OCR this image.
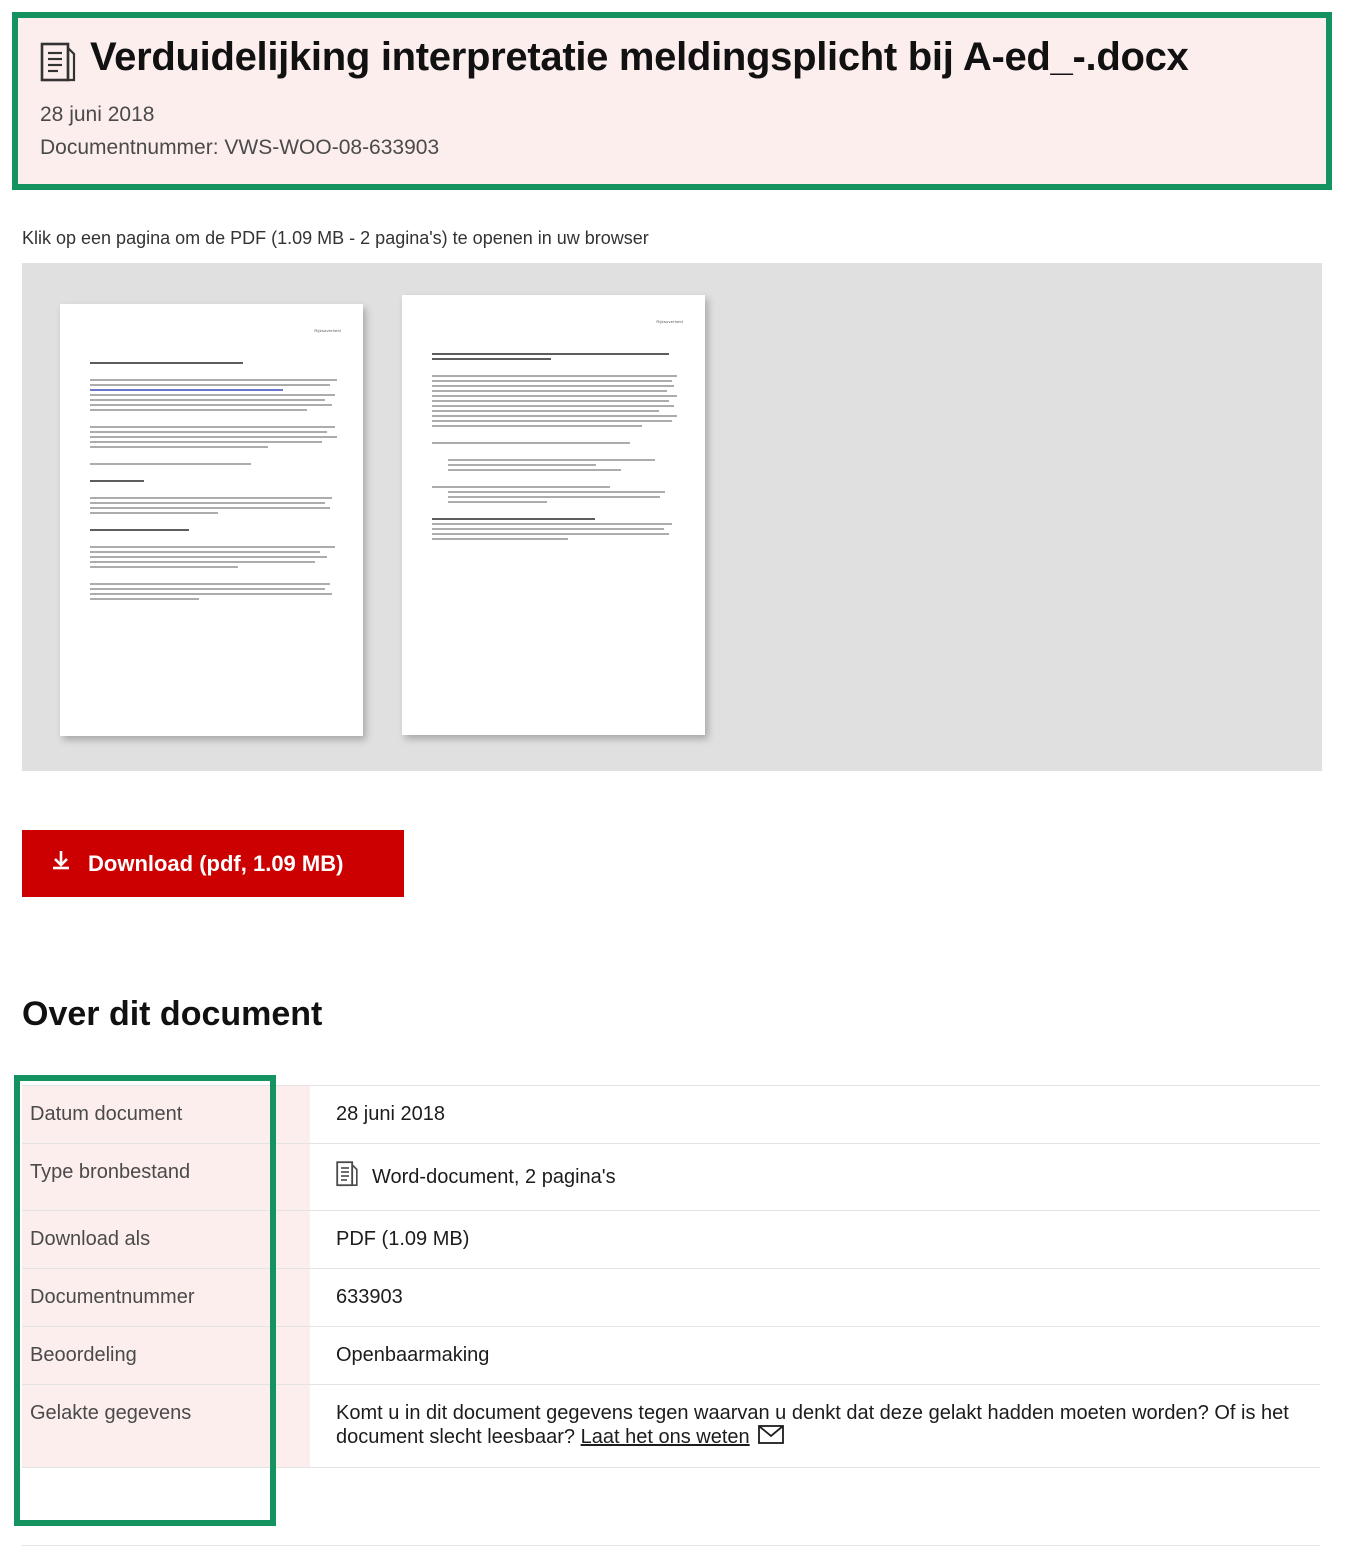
Verduidelijking interpretatie meldingsplicht bij A-ed_-.docx
28 juni 2018
Documentnummer: VWS-WOO-08-633903
Klik op een pagina om de PDF (1.09 MB - 2 pagina's) te openen in uw browser
Rijksoverheid
Rijksoverheid
Download (pdf, 1.09 MB)
Over dit document
Datum document	28 juni 2018
Type bronbestand	Word-document, 2 pagina's

Download als	PDF (1.09 MB)
Documentnummer	633903
Beoordeling	Openbaarmaking
Gelakte gegevens	Komt u in dit document gegevens tegen waarvan u denkt dat deze gelakt hadden moeten worden? Of is het document slecht leesbaar? Laat het ons weten
